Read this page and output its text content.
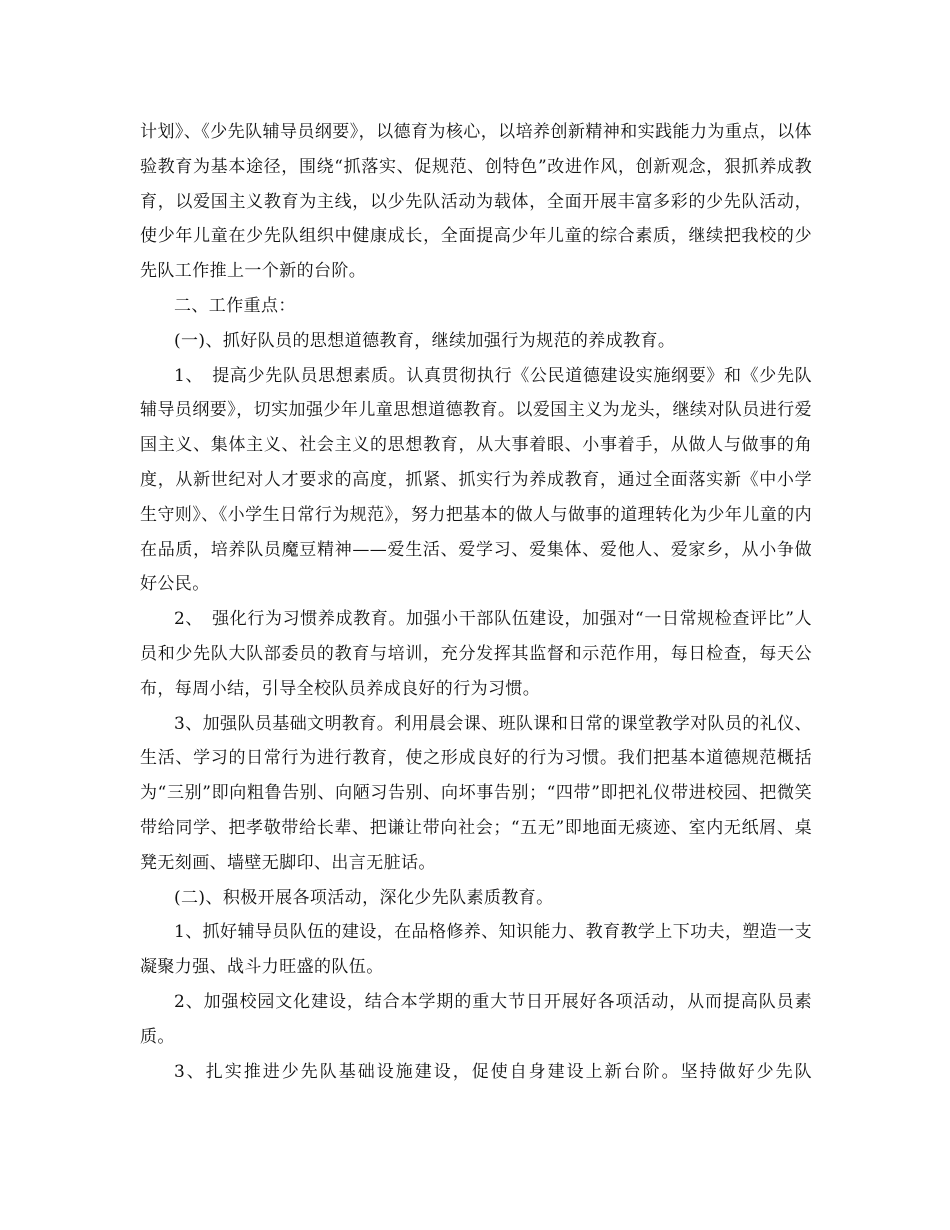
计划》、《少先队辅导员纲要》，以德育为核心，以培养创新精神和实践能力为重点，以体验教育为基本途径，围绕“抓落实、促规范、创特色”改进作风，创新观念，狠抓养成教育，以爱国主义教育为主线，以少先队活动为载体，全面开展丰富多彩的少先队活动，使少年儿童在少先队组织中健康成长，全面提高少年儿童的综合素质，继续把我校的少先队工作推上一个新的台阶。

二、工作重点：

(一)、抓好队员的思想道德教育，继续加强行为规范的养成教育。

1、　提高少先队员思想素质。认真贯彻执行《公民道德建设实施纲要》和《少先队辅导员纲要》，切实加强少年儿童思想道德教育。以爱国主义为龙头，继续对队员进行爱国主义、集体主义、社会主义的思想教育，从大事着眼、小事着手，从做人与做事的角度，从新世纪对人才要求的高度，抓紧、抓实行为养成教育，通过全面落实新《中小学生守则》、《小学生日常行为规范》，努力把基本的做人与做事的道理转化为少年儿童的内在品质，培养队员魔豆精神——爱生活、爱学习、爱集体、爱他人、爱家乡，从小争做好公民。

2、　强化行为习惯养成教育。加强小干部队伍建设，加强对“一日常规检查评比”人员和少先队大队部委员的教育与培训，充分发挥其监督和示范作用，每日检查，每天公布，每周小结，引导全校队员养成良好的行为习惯。

3、加强队员基础文明教育。利用晨会课、班队课和日常的课堂教学对队员的礼仪、生活、学习的日常行为进行教育，使之形成良好的行为习惯。我们把基本道德规范概括为“三别”即向粗鲁告别、向陋习告别、向坏事告别；“四带”即把礼仪带进校园、把微笑带给同学、把孝敬带给长辈、把谦让带向社会；“五无”即地面无痰迹、室内无纸屑、桌凳无刻画、墙壁无脚印、出言无脏话。

(二)、积极开展各项活动，深化少先队素质教育。

1、抓好辅导员队伍的建设，在品格修养、知识能力、教育教学上下功夫，塑造一支凝聚力强、战斗力旺盛的队伍。

2、加强校园文化建设，结合本学期的重大节日开展好各项活动，从而提高队员素质。

3、扎实推进少先队基础设施建设，促使自身建设上新台阶。坚持做好少先队
